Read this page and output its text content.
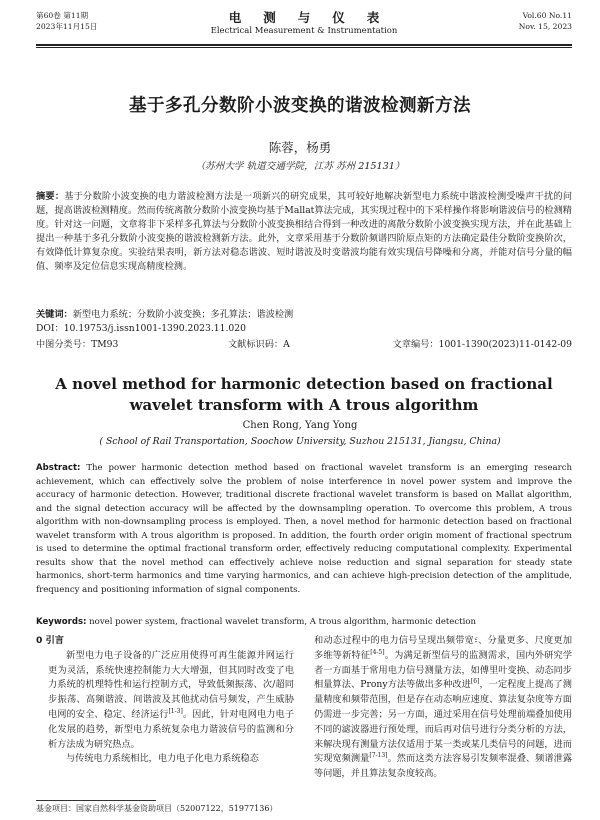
第60卷 第11期
2023年11月15日
电测与仪表
Electrical Measurement & Instrumentation
Vol.60 No.11
Nov. 15, 2023
基于多孔分数阶小波变换的谐波检测新方法
陈蓉，杨勇
（苏州大学 轨道交通学院，江苏 苏州 215131）
摘要：基于分数阶小波变换的电力谐波检测方法是一项新兴的研究成果，其可较好地解决新型电力系统中谐波检测受噪声干扰的问题，提高谐波检测精度。然而传统离散分数阶小波变换均基于Mallat算法完成，其实现过程中的下采样操作将影响谐波信号的检测精度。针对这一问题，文章将非下采样多孔算法与分数阶小波变换相结合得到一种改进的离散分数阶小波变换实现方法，并在此基础上提出一种基于多孔分数阶小波变换的谐波检测新方法。此外，文章采用基于分数阶频谱四阶原点矩的方法确定最佳分数阶变换阶次，有效降低计算复杂度。实验结果表明，新方法对稳态谐波、短时谐波及时变谐波均能有效实现信号降噪和分离，并能对信号分量的幅值、频率及定位信息实现高精度检测。
关键词：新型电力系统；分数阶小波变换；多孔算法；谐波检测
DOI：10.19753/j.issn1001-1390.2023.11.020
中图分类号：TM93	文献标识码：A	文章编号：1001-1390(2023)11-0142-09
A novel method for harmonic detection based on fractional wavelet transform with A trous algorithm
Chen Rong, Yang Yong
( School of Rail Transportation, Soochow University, Suzhou 215131, Jiangsu, China)
Abstract: The power harmonic detection method based on fractional wavelet transform is an emerging research achievement, which can effectively solve the problem of noise interference in novel power system and improve the accuracy of harmonic detection. However, traditional discrete fractional wavelet transform is based on Mallat algorithm, and the signal detection accuracy will be affected by the downsampling operation. To overcome this problem, A trous algorithm with non-downsampling process is employed. Then, a novel method for harmonic detection based on fractional wavelet transform with A trous algorithm is proposed. In addition, the fourth order origin moment of fractional spectrum is used to determine the optimal fractional transform order, effectively reducing computational complexity. Experimental results show that the novel method can effectively achieve noise reduction and signal separation for steady state harmonics, short-term harmonics and time varying harmonics, and can achieve high-precision detection of the amplitude, frequency and positioning information of signal components.
Keywords: novel power system, fractional wavelet transform, A trous algorithm, harmonic detection
0 引言

新型电力电子设备的广泛应用使得可再生能源并网运行更为灵活，系统快速控制能力大大增强，但其同时改变了电力系统的机理特性和运行控制方式，导致低频振荡、次/超同步振荡、高频谐波、间谐波及其他扰动信号频发，产生威胁电网的安全、稳定、经济运行[1-3]。因此，针对电网电力电子化发展的趋势，新型电力系统复杂电力谐波信号的监测和分析方法成为研究热点。

与传统电力系统相比，电力电子化电力系统稳态

和动态过程中的电力信号呈现出频带宽፣、分量更多、尺度更加多维等新特征[4-5]。为满足新型信号的监测需求，国内外研究学者一方面基于常用电力信号测量方法，如傅里叶变换、动态同步相量算法、Prony方法等做出多种改进[6]，一定程度上提高了测量精度和频带范围，但是存在动态响应速度、算法复杂度等方面仍需进一步完善；另一方面，通过采用在信号处理前端叠加使用不同的滤波器进行预处理，而后再对信号进行分类分析的方法，来解决现有测量方法仅适用于某一类或某几类信号的问题，进而实现宽频测量[7-13]。然而这类方法容易引发频率混叠、频谱泄露等问题，并且算法复杂度较高。

基金项目：国家自然科学基金资助项目（52007122，51977136）
